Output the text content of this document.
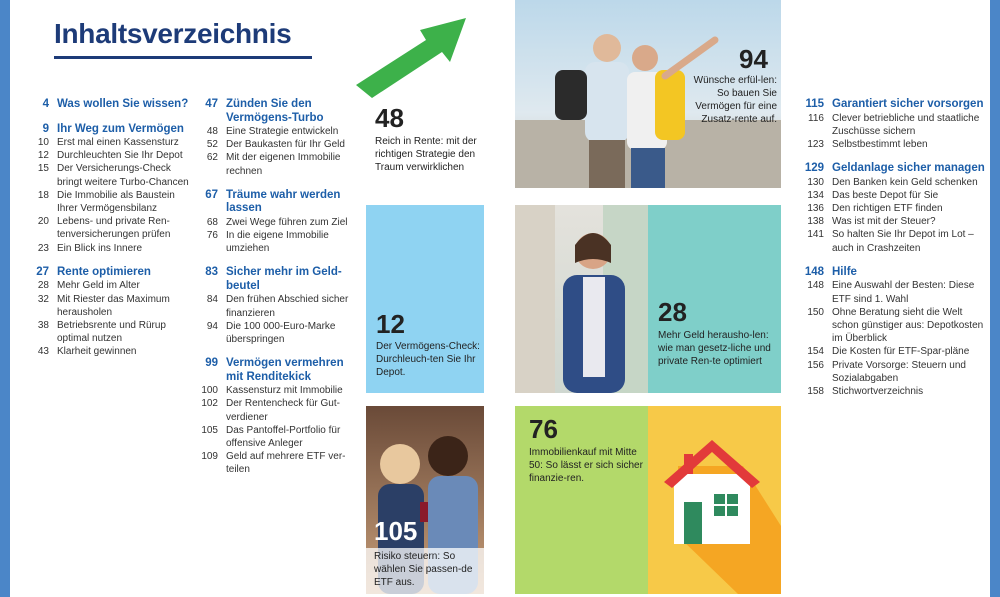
Inhaltsverzeichnis
4 Was wollen Sie wissen?
9 Ihr Weg zum Vermögen
10 Erst mal einen Kassensturz
12 Durchleuchten Sie Ihr Depot
15 Der Versicherungs-Check bringt weitere Turbo-Chancen
18 Die Immobilie als Baustein Ihrer Vermögensbilanz
20 Lebens- und private Ren-tenversicherungen prüfen
23 Ein Blick ins Innere
27 Rente optimieren
28 Mehr Geld im Alter
32 Mit Riester das Maximum herausholen
38 Betriebsrente und Rürup optimal nutzen
43 Klarheit gewinnen
47 Zünden Sie den Vermögens-Turbo
48 Eine Strategie entwickeln
52 Der Baukasten für Ihr Geld
62 Mit der eigenen Immobilie rechnen
67 Träume wahr werden lassen
68 Zwei Wege führen zum Ziel
76 In die eigene Immobilie umziehen
83 Sicher mehr im Geld-beutel
84 Den frühen Abschied sicher finanzieren
94 Die 100 000-Euro-Marke überspringen
99 Vermögen vermehren mit Renditekick
100 Kassensturz mit Immobilie
102 Der Rentencheck für Gut-verdiener
105 Das Pantoffel-Portfolio für offensive Anleger
109 Geld auf mehrere ETF ver-teilen
48
Reich in Rente: mit der richtigen Strategie den Traum verwirklichen
94
Wünsche erfül-len: So bauen Sie Vermögen für eine Zusatz-rente auf.
12
Der Vermögens-Check: Durchleuch-ten Sie Ihr Depot.
28
Mehr Geld herausho-len: wie man gesetz-liche und private Ren-te optimiert
105
Risiko steuern: So wählen Sie passen-de ETF aus.
76
Immobilienkauf mit Mitte 50: So lässt er sich sicher finanzie-ren.
115 Garantiert sicher vorsorgen
116 Clever betriebliche und staatliche Zuschüsse sichern
123 Selbstbestimmt leben
129 Geldanlage sicher managen
130 Den Banken kein Geld schenken
134 Das beste Depot für Sie
136 Den richtigen ETF finden
138 Was ist mit der Steuer?
141 So halten Sie Ihr Depot im Lot – auch in Crashzeiten
148 Hilfe
148 Eine Auswahl der Besten: Diese ETF sind 1. Wahl
150 Ohne Beratung sieht die Welt schon günstiger aus: Depotkosten im Überblick
154 Die Kosten für ETF-Spar-pläne
156 Private Vorsorge: Steuern und Sozialabgaben
158 Stichwortverzeichnis
